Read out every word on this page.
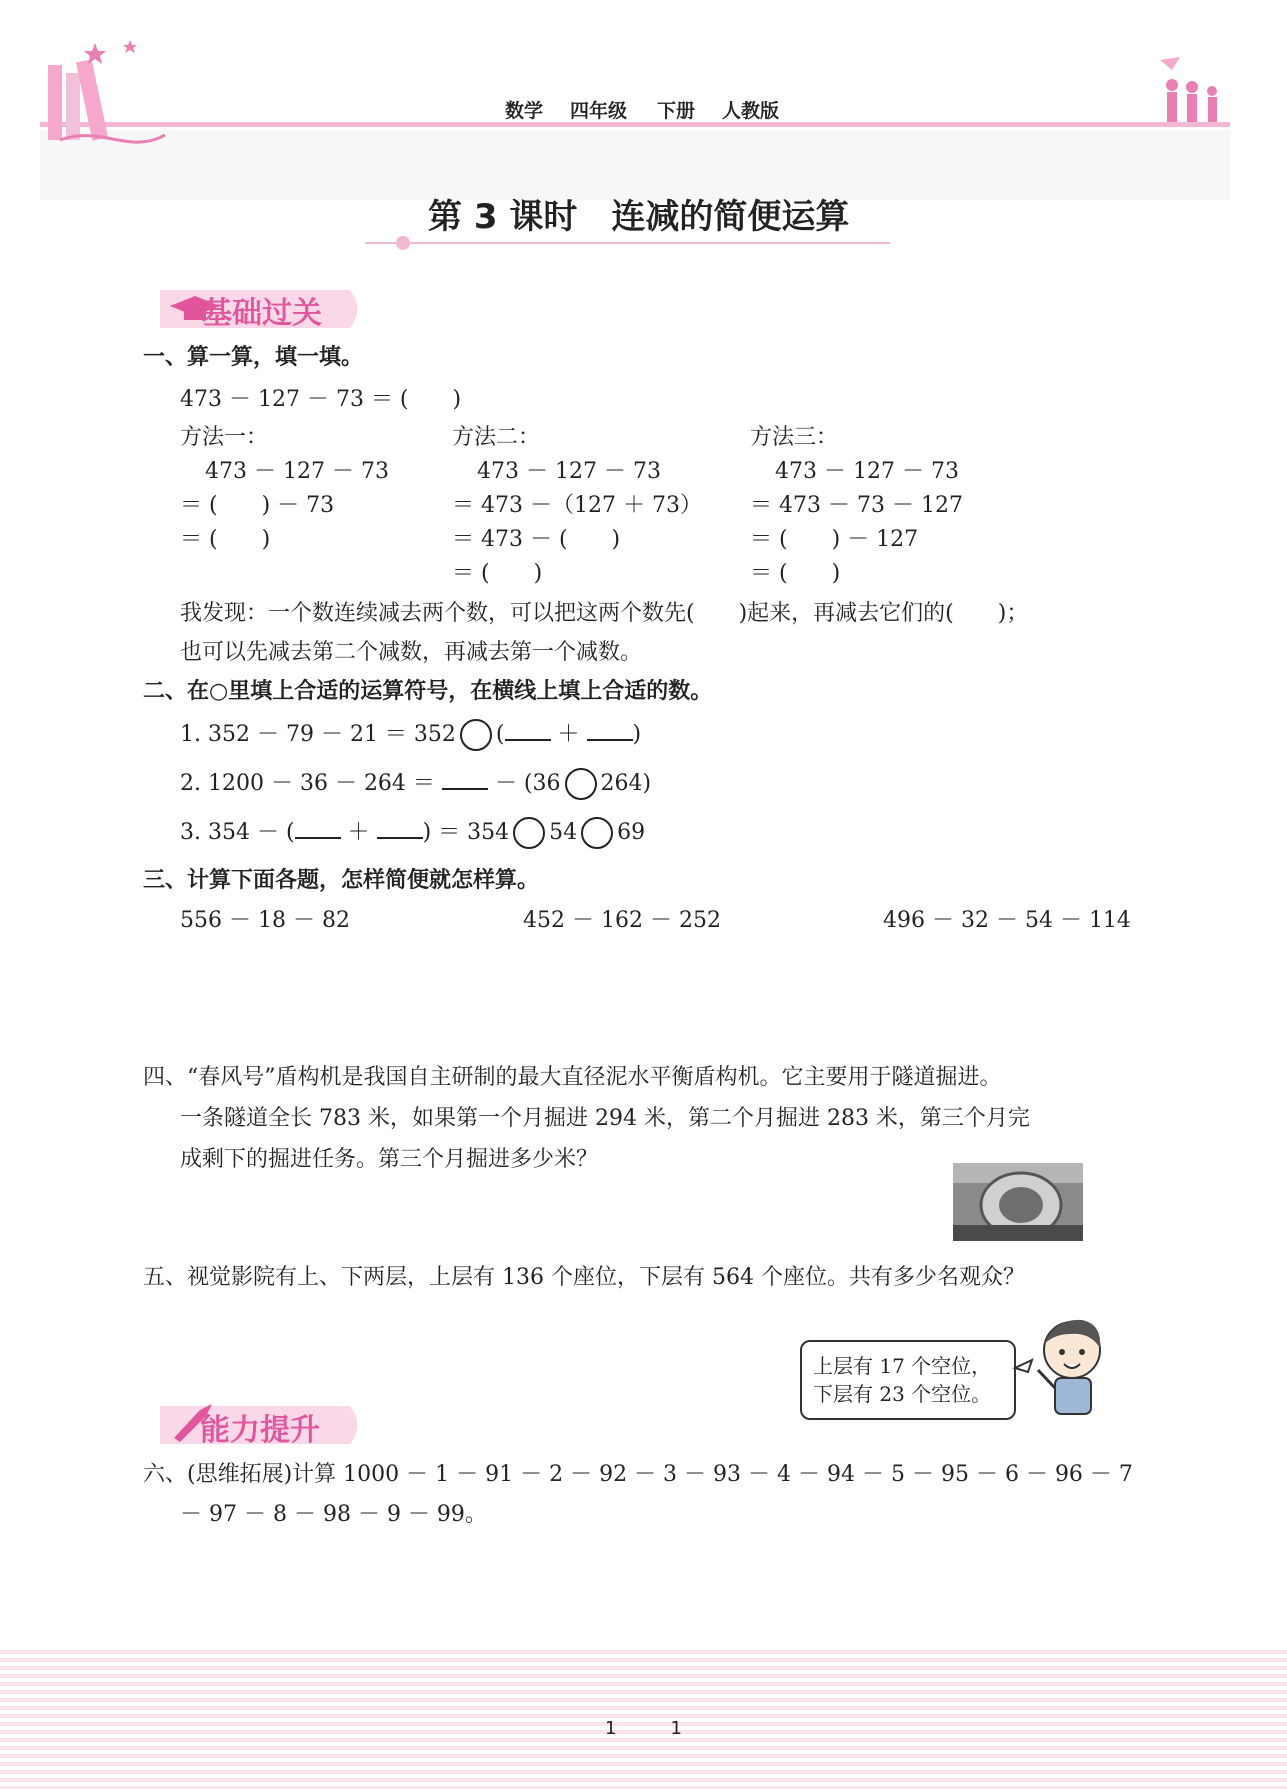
数学 四年级 下册 人教版
第 3 课时　连减的简便运算
基础过关
一、算一算，填一填。
473 － 127 － 73 ＝ (　　)
方法一：
473 － 127 － 73
＝ (　　) － 73
＝ (　　)
方法二：
473 － 127 － 73
＝ 473 －（127 ＋ 73）
＝ 473 － (　　)
＝ (　　)
方法三：
473 － 127 － 73
＝ 473 － 73 － 127
＝ (　　) － 127
＝ (　　)
我发现：一个数连续减去两个数，可以把这两个数先(　　)起来，再减去它们的(　　)；
也可以先减去第二个减数，再减去第一个减数。
二、在○里填上合适的运算符号，在横线上填上合适的数。
1. 352 － 79 － 21 ＝ 352 ( ＋ )
2. 1200 － 36 － 264 ＝	－ (36 264)
3. 354 － ( ＋ ) ＝ 354 54 69
三、计算下面各题，怎样简便就怎样算。
556 － 18 － 82	452 － 162 － 252	496 － 32 － 54 － 114
四、“春风号”盾构机是我国自主研制的最大直径泥水平衡盾构机。它主要用于隧道掘进。
一条隧道全长 783 米，如果第一个月掘进 294 米，第二个月掘进 283 米，第三个月完
成剩下的掘进任务。第三个月掘进多少米？
五、视觉影院有上、下两层，上层有 136 个座位，下层有 564 个座位。共有多少名观众？
上层有 17 个空位，
下层有 23 个空位。
能力提升
六、(思维拓展)计算 1000 － 1 － 91 － 2 － 92 － 3 － 93 － 4 － 94 － 5 － 95 － 6 － 96 － 7
－ 97 － 8 － 98 － 9 － 99。
1　　　1
